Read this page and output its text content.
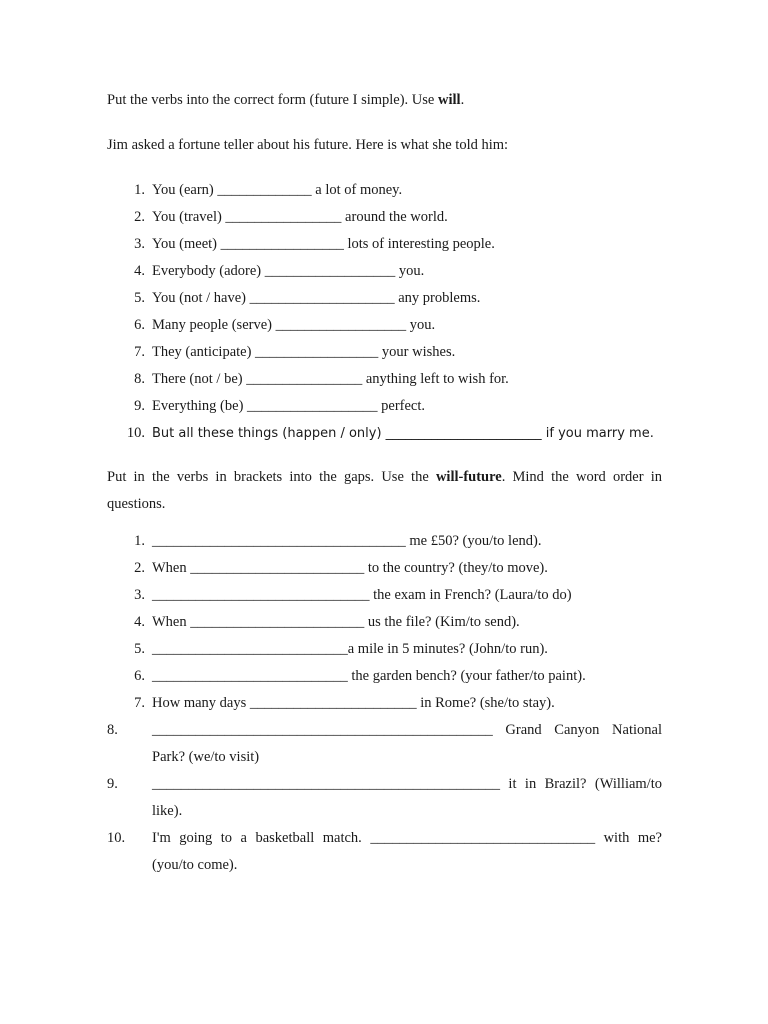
Put the verbs into the correct form (future I simple). Use will.

Jim asked a fortune teller about his future. Here is what she told him:

1. You (earn) _____________ a lot of money.
2. You (travel) ________________ around the world.
3. You (meet) _________________ lots of interesting people.
4. Everybody (adore) __________________ you.
5. You (not / have) ____________________ any problems.
6. Many people (serve) __________________ you.
7. They (anticipate) _________________ your wishes.
8. There (not / be) ________________ anything left to wish for.
9. Everything (be) __________________ perfect.
10. But all these things (happen / only) ________________________ if you marry me.

Put in the verbs in brackets into the gaps. Use the will-future. Mind the word order in questions.

1. ___________________________________ me £50? (you/to lend).
2. When ________________________ to the country? (they/to move).
3. ______________________________ the exam in French? (Laura/to do)
4. When ________________________ us the file? (Kim/to send).
5. ___________________________a mile in 5 minutes? (John/to run).
6. ___________________________ the garden bench? (your father/to paint).
7. How many days _______________________ in Rome? (she/to stay).
8.	_______________________________________________ Grand Canyon National Park? (we/to visit)
9.	________________________________________________ it in Brazil? (William/to like).
10.	I'm going to a basketball match. _______________________________ with me? (you/to come).
